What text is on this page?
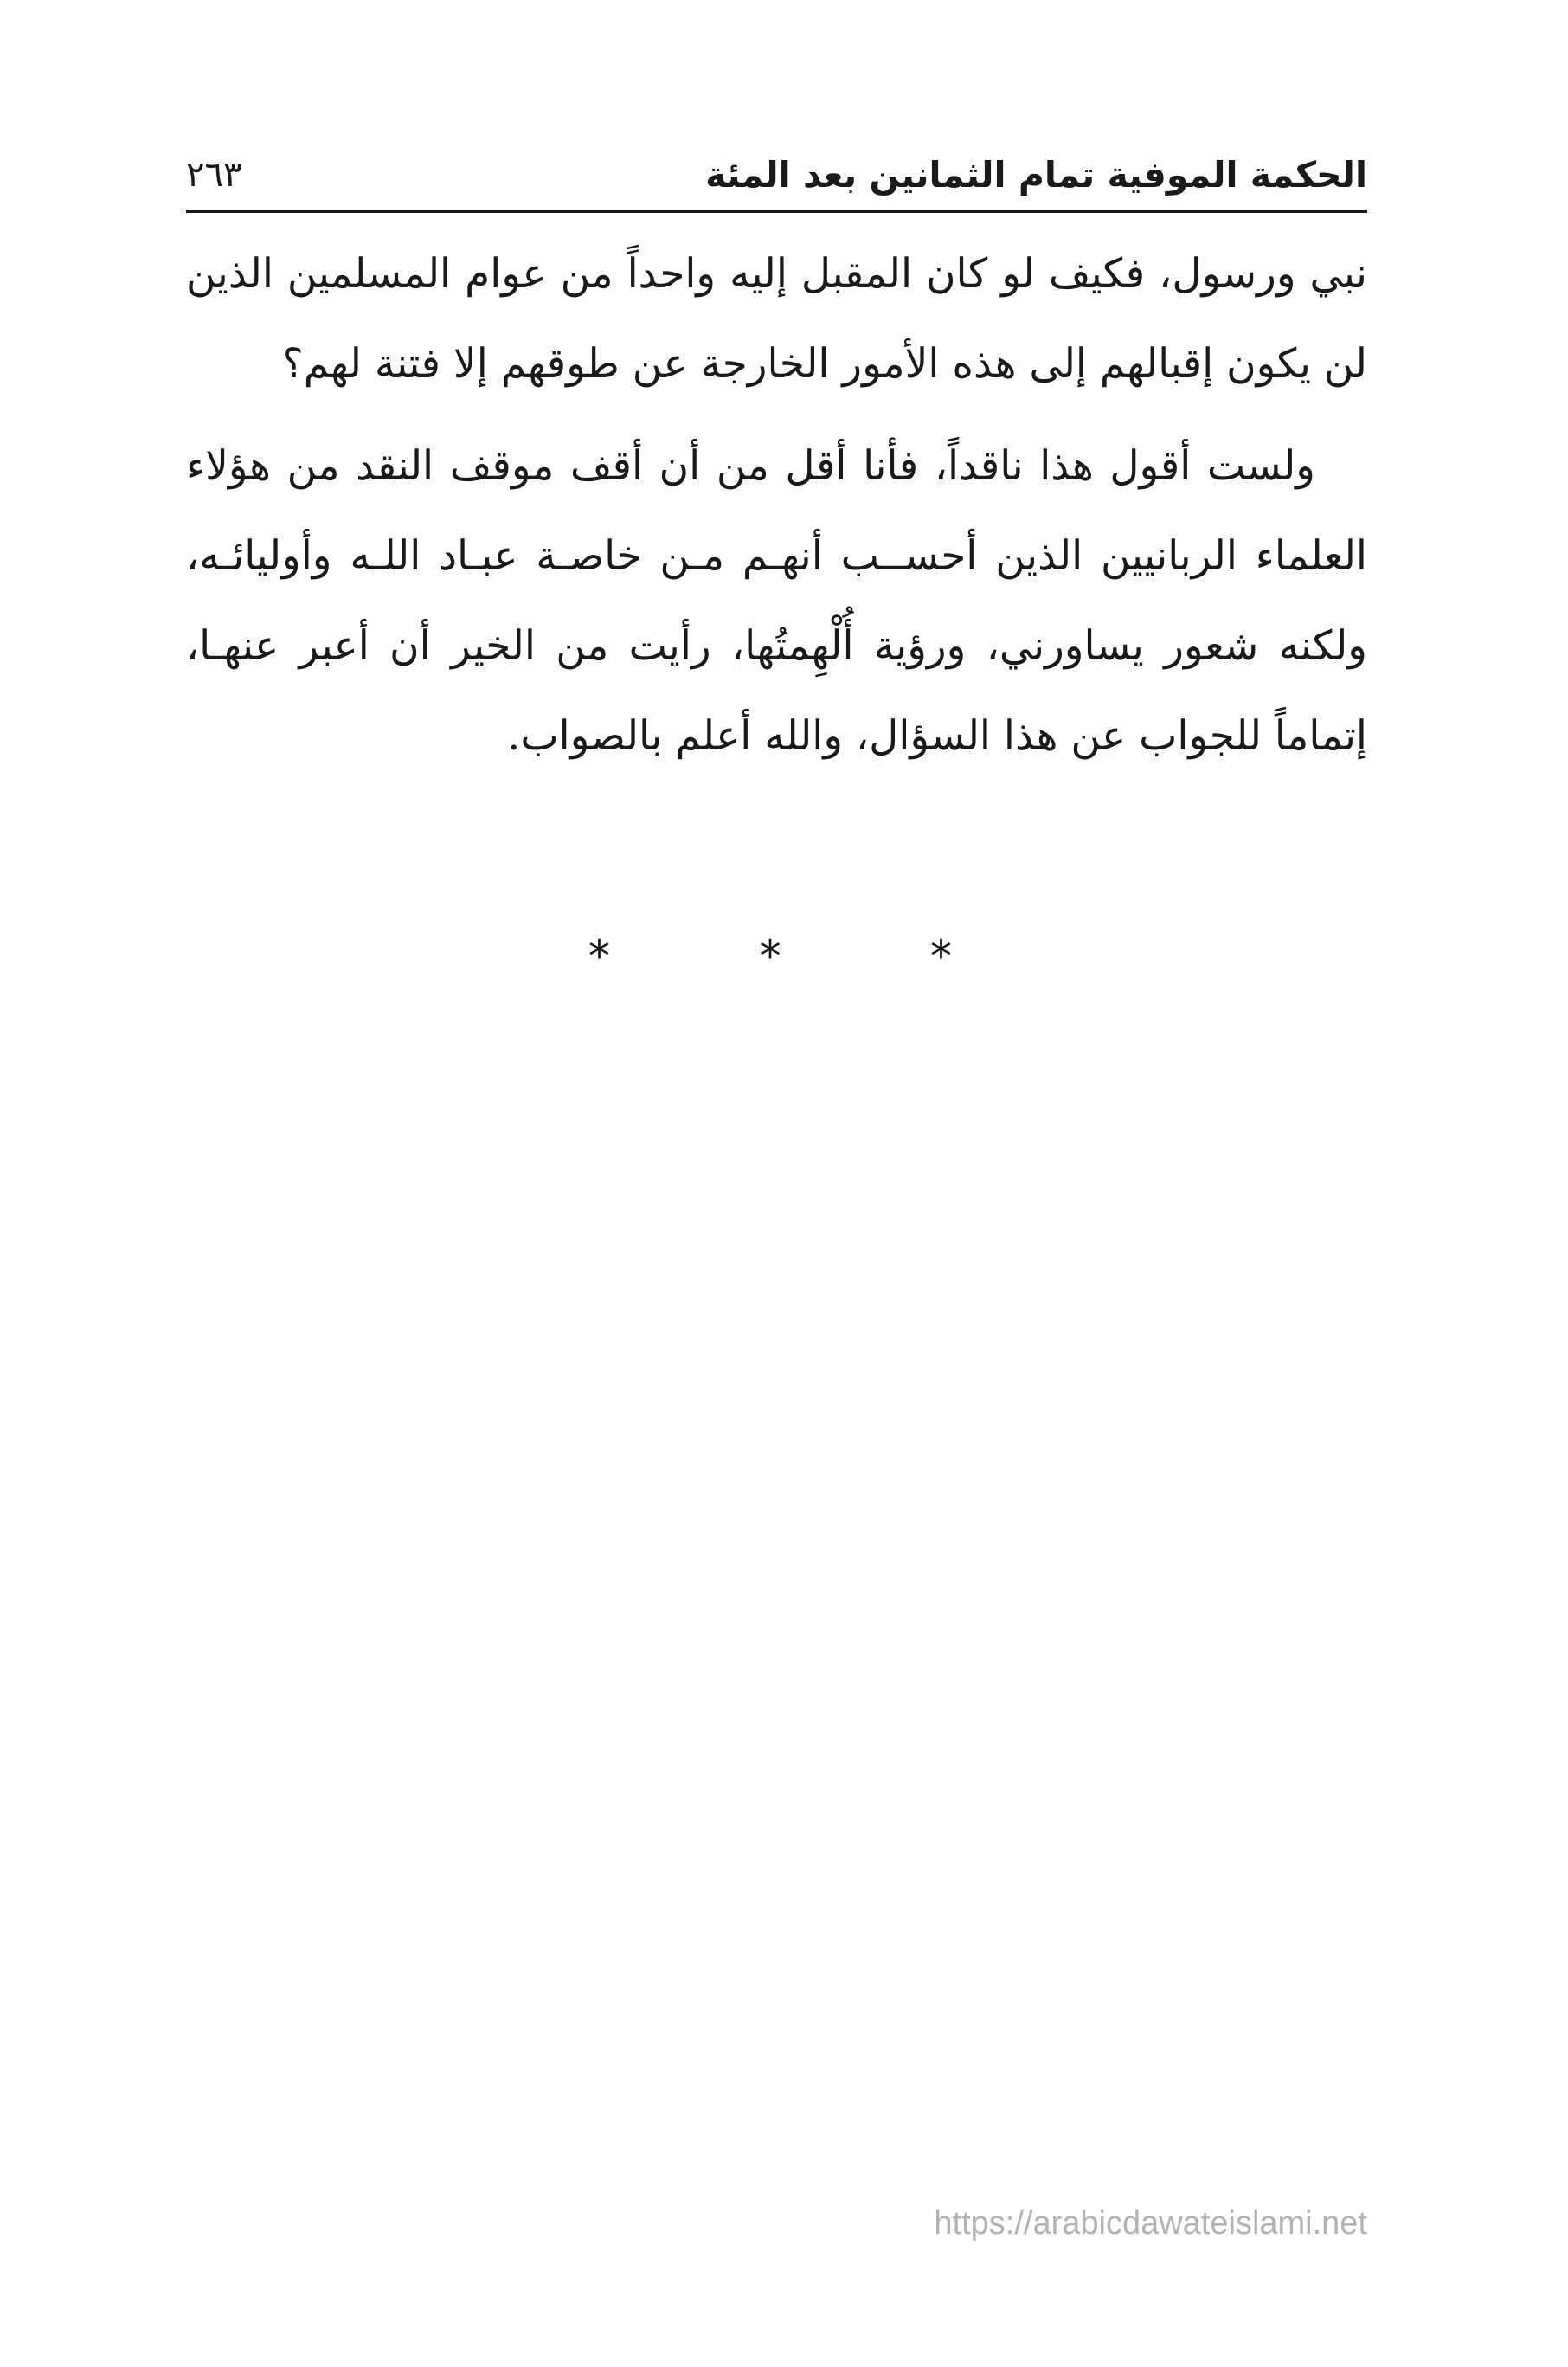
الحكمة الموفية تمام الثمانين بعد المئة
٢٦٣
نبي ورسول، فكيف لو كان المقبل إليه واحداً من عوام المسلمين الذين
لن يكون إقبالهم إلى هذه الأمور الخارجة عن طوقهم إلا فتنة لهم؟
ولست أقول هذا ناقداً، فأنا أقل من أن أقف موقف النقد من هؤلاء
العلماء الربانيين الذين أحســب أنهـم مـن خاصـة عبـاد اللـه وأوليائـه،
ولكنه شعور يساورني، ورؤية أُلْهِمتُها، رأيت من الخير أن أعبر عنهـا،
إتماماً للجواب عن هذا السؤال، والله أعلم بالصواب.
*	*	*
https://arabicdawateislami.net
